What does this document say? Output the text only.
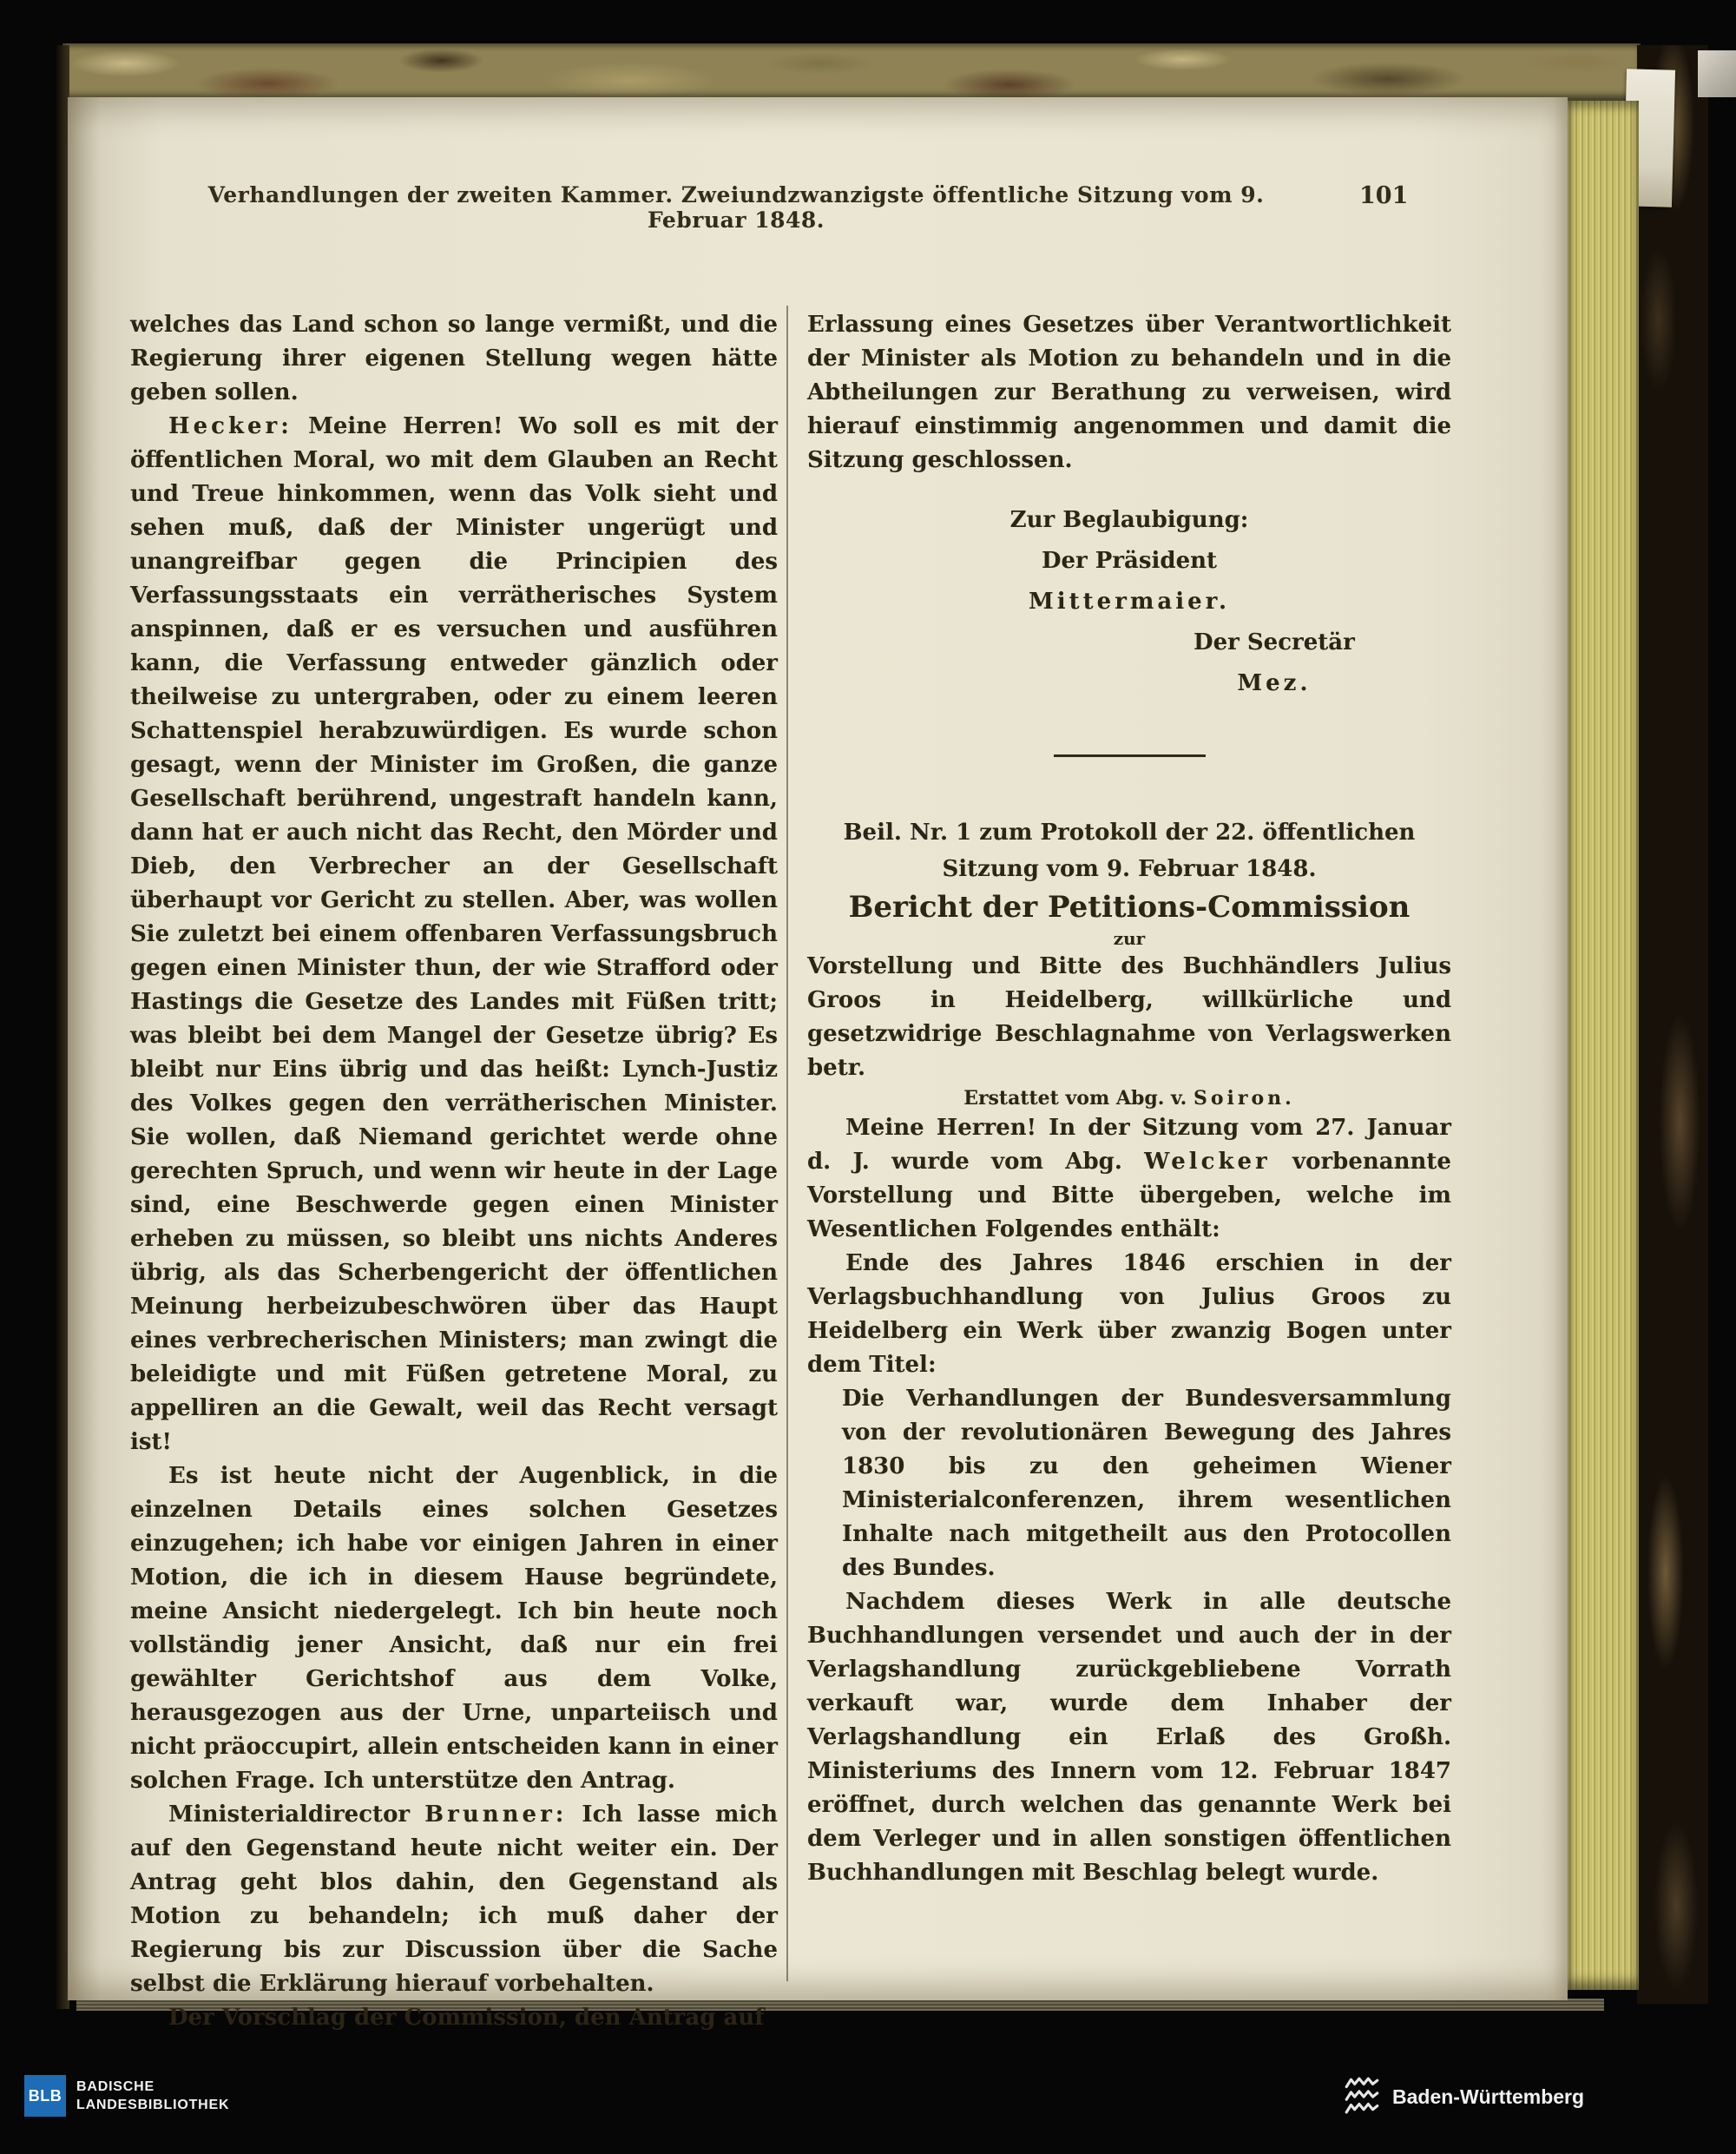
Verhandlungen der zweiten Kammer. Zweiundzwanzigste öffentliche Sitzung vom 9. Februar 1848.
101

welches das Land schon so lange vermißt, und die Regierung ihrer eigenen Stellung wegen hätte geben sollen.

Hecker: Meine Herren! Wo soll es mit der öffentlichen Moral, wo mit dem Glauben an Recht und Treue hinkommen, wenn das Volk sieht und sehen muß, daß der Minister ungerügt und unangreifbar gegen die Principien des Verfassungsstaats ein verrätherisches System anspinnen, daß er es versuchen und ausführen kann, die Verfassung entweder gänzlich oder theilweise zu untergraben, oder zu einem leeren Schattenspiel herabzuwürdigen. Es wurde schon gesagt, wenn der Minister im Großen, die ganze Gesellschaft berührend, ungestraft handeln kann, dann hat er auch nicht das Recht, den Mörder und Dieb, den Verbrecher an der Gesellschaft überhaupt vor Gericht zu stellen. Aber, was wollen Sie zuletzt bei einem offenbaren Verfassungsbruch gegen einen Minister thun, der wie Strafford oder Hastings die Gesetze des Landes mit Füßen tritt; was bleibt bei dem Mangel der Gesetze übrig? Es bleibt nur Eins übrig und das heißt: Lynch-Justiz des Volkes gegen den verrätherischen Minister. Sie wollen, daß Niemand gerichtet werde ohne gerechten Spruch, und wenn wir heute in der Lage sind, eine Beschwerde gegen einen Minister erheben zu müssen, so bleibt uns nichts Anderes übrig, als das Scherbengericht der öffentlichen Meinung herbeizubeschwören über das Haupt eines verbrecherischen Ministers; man zwingt die beleidigte und mit Füßen getretene Moral, zu appelliren an die Gewalt, weil das Recht versagt ist!

Es ist heute nicht der Augenblick, in die einzelnen Details eines solchen Gesetzes einzugehen; ich habe vor einigen Jahren in einer Motion, die ich in diesem Hause begründete, meine Ansicht niedergelegt. Ich bin heute noch vollständig jener Ansicht, daß nur ein frei gewählter Gerichtshof aus dem Volke, herausgezogen aus der Urne, unparteiisch und nicht präoccupirt, allein entscheiden kann in einer solchen Frage. Ich unterstütze den Antrag.

Ministerialdirector Brunner: Ich lasse mich auf den Gegenstand heute nicht weiter ein. Der Antrag geht blos dahin, den Gegenstand als Motion zu behandeln; ich muß daher der Regierung bis zur Discussion über die Sache selbst die Erklärung hierauf vorbehalten.

Der Vorschlag der Commission, den Antrag auf

Erlassung eines Gesetzes über Verantwortlichkeit der Minister als Motion zu behandeln und in die Abtheilungen zur Berathung zu verweisen, wird hierauf einstimmig angenommen und damit die Sitzung geschlossen.

Zur Beglaubigung:

Der Präsident

Mittermaier.

Der Secretär

Mez.

Beil. Nr. 1 zum Protokoll der 22. öffentlichen Sitzung vom 9. Februar 1848.

Bericht der Petitions-Commission

zur

Vorstellung und Bitte des Buchhändlers Julius Groos in Heidelberg, willkürliche und gesetzwidrige Beschlagnahme von Verlagswerken betr.

Erstattet vom Abg. v. Soiron.

Meine Herren! In der Sitzung vom 27. Januar d. J. wurde vom Abg. Welcker vorbenannte Vorstellung und Bitte übergeben, welche im Wesentlichen Folgendes enthält:

Ende des Jahres 1846 erschien in der Verlagsbuchhandlung von Julius Groos zu Heidelberg ein Werk über zwanzig Bogen unter dem Titel:

Die Verhandlungen der Bundesversammlung von der revolutionären Bewegung des Jahres 1830 bis zu den geheimen Wiener Ministerialconferenzen, ihrem wesentlichen Inhalte nach mitgetheilt aus den Protocollen des Bundes.

Nachdem dieses Werk in alle deutsche Buchhandlungen versendet und auch der in der Verlagshandlung zurückgebliebene Vorrath verkauft war, wurde dem Inhaber der Verlagshandlung ein Erlaß des Großh. Ministeriums des Innern vom 12. Februar 1847 eröffnet, durch welchen das genannte Werk bei dem Verleger und in allen sonstigen öffentlichen Buchhandlungen mit Beschlag belegt wurde.

BLB BADISCHE
LANDESBIBLIOTHEK	Baden-Württemberg
